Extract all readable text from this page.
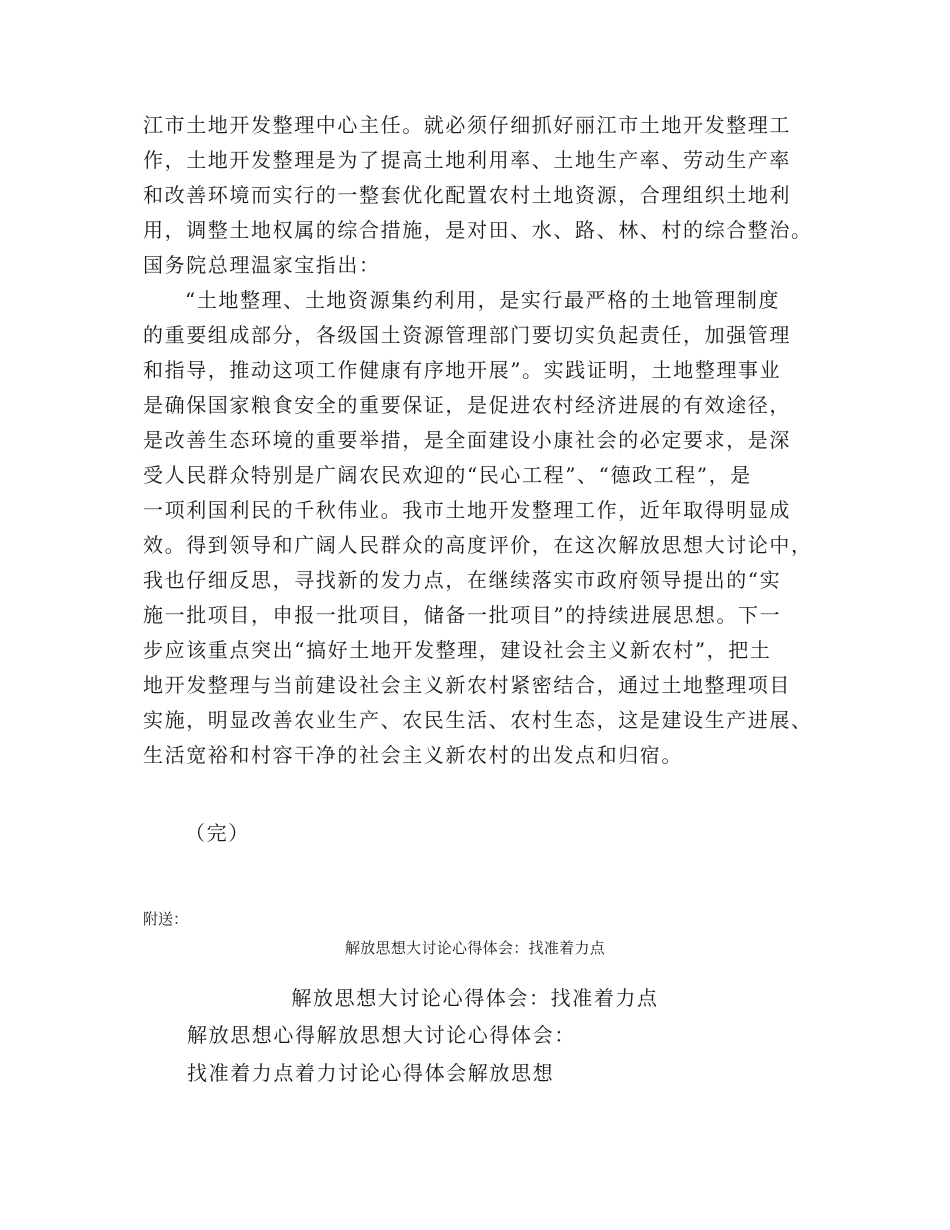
江市土地开发整理中心主任。就必须仔细抓好丽江市土地开发整理工
作，土地开发整理是为了提高土地利用率、土地生产率、劳动生产率
和改善环境而实行的一整套优化配置农村土地资源，合理组织土地利
用，调整土地权属的综合措施，是对田、水、路、林、村的综合整治。
国务院总理温家宝指出：
“土地整理、土地资源集约利用，是实行最严格的土地管理制度
的重要组成部分，各级国土资源管理部门要切实负起责任，加强管理
和指导，推动这项工作健康有序地开展”。实践证明，土地整理事业
是确保国家粮食安全的重要保证，是促进农村经济进展的有效途径，
是改善生态环境的重要举措，是全面建设小康社会的必定要求，是深
受人民群众特别是广阔农民欢迎的“民心工程”、“德政工程”，是
一项利国利民的千秋伟业。我市土地开发整理工作，近年取得明显成
效。得到领导和广阔人民群众的高度评价，在这次解放思想大讨论中，
我也仔细反思，寻找新的发力点，在继续落实市政府领导提出的“实
施一批项目，申报一批项目，储备一批项目”的持续进展思想。下一
步应该重点突出“搞好土地开发整理，建设社会主义新农村”，把土
地开发整理与当前建设社会主义新农村紧密结合，通过土地整理项目
实施，明显改善农业生产、农民生活、农村生态，这是建设生产进展、
生活宽裕和村容干净的社会主义新农村的出发点和归宿。
（完）
附送：
解放思想大讨论心得体会：找准着力点
解放思想大讨论心得体会：找准着力点
解放思想心得解放思想大讨论心得体会：
找准着力点着力讨论心得体会解放思想
